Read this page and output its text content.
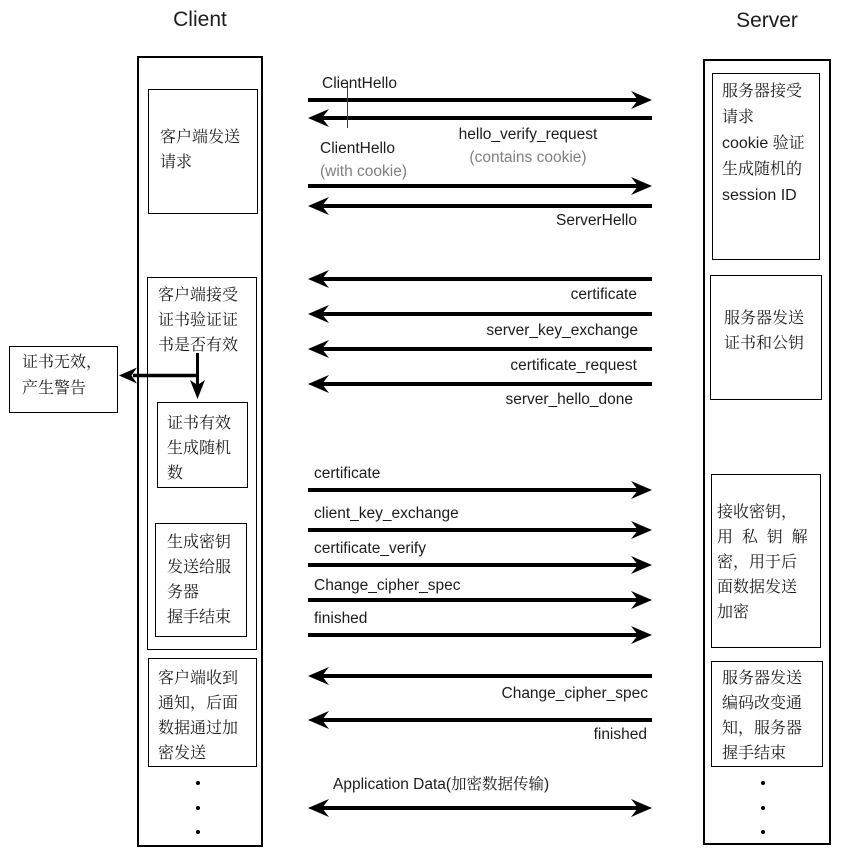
Client	Server
客户端发送
请求
客户端接受
证书验证证
书是否有效
证书有效
生成随机
数
生成密钥
发送给服
务器
握手结束
客户端收到
通知，后面
数据通过加
密发送
服务器接受
请求
cookie 验证
生成随机的
session ID
服务器发送
证书和公钥
接收密钥，
用  私  钥  解
密，用于后
面数据发送
加密
服务器发送
编码改变通
知，服务器
握手结束
证书无效，
产生警告
ClientHello
hello_verify_request
(contains cookie)
ClientHello
(with cookie)
ServerHello
certificate
server_key_exchange
certificate_request
server_hello_done
certificate
client_key_exchange
certificate_verify
Change_cipher_spec
finished
Change_cipher_spec
finished
Application Data(加密数据传输)
